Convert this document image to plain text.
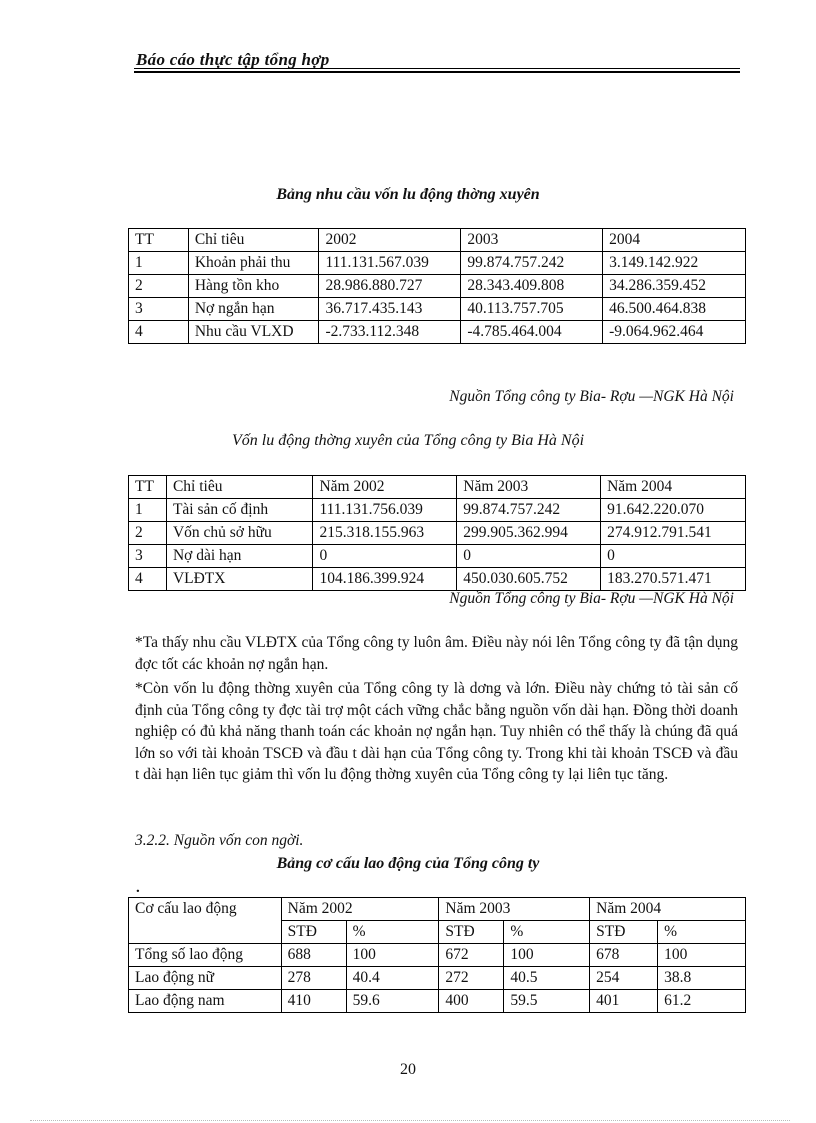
Báo cáo thực tập tổng hợp
Bảng nhu cầu vốn lu động thờng xuyên
TT	Chỉ tiêu	2002	2003	2004
1	Khoản phải thu	111.131.567.039	99.874.757.242	3.149.142.922
2	Hàng tồn kho	28.986.880.727	28.343.409.808	34.286.359.452
3	Nợ ngắn hạn	36.717.435.143	40.113.757.705	46.500.464.838
4	Nhu cầu VLXD	-2.733.112.348	-4.785.464.004	-9.064.962.464
Nguồn Tổng công ty Bia- Rợu —NGK Hà Nội
Vốn lu động thờng xuyên của Tổng công ty Bia Hà Nội
TT	Chỉ tiêu	Năm 2002	Năm 2003	Năm 2004
1	Tài sản cố định	111.131.756.039	99.874.757.242	91.642.220.070
2	Vốn chủ sở hữu	215.318.155.963	299.905.362.994	274.912.791.541
3	Nợ dài hạn	0	0	0
4	VLĐTX	104.186.399.924	450.030.605.752	183.270.571.471
Nguồn Tổng công ty Bia- Rợu —NGK Hà Nội
*Ta thấy nhu cầu VLĐTX của Tổng công ty luôn âm. Điều này nói lên Tổng công ty đã tận dụng đợc tốt các khoản nợ ngắn hạn.
*Còn vốn lu động thờng xuyên của Tổng công ty là dơng và lớn. Điều này chứng tỏ tài sản cố định của Tổng công ty đợc tài trợ một cách vững chắc bằng nguồn vốn dài hạn. Đồng thời doanh nghiệp có đủ khả năng thanh toán các khoản nợ ngắn hạn. Tuy nhiên có thể thấy là chúng đã quá lớn so với tài khoản TSCĐ và đầu t dài hạn của Tổng công ty. Trong khi tài khoản TSCĐ và đầu t dài hạn liên tục giảm thì vốn lu động thờng xuyên của Tổng công ty lại liên tục tăng.
3.2.2. Nguồn vốn con ngời.
Bảng cơ cấu lao động của Tổng công ty
.
Cơ cấu lao động	Năm 2002		Năm 2003		Năm 2004	
	STĐ	%	STĐ	%	STĐ	%
Tổng số lao động	688	100	672	100	678	100
Lao động nữ	278	40.4	272	40.5	254	38.8
Lao động nam	410	59.6	400	59.5	401	61.2
20
